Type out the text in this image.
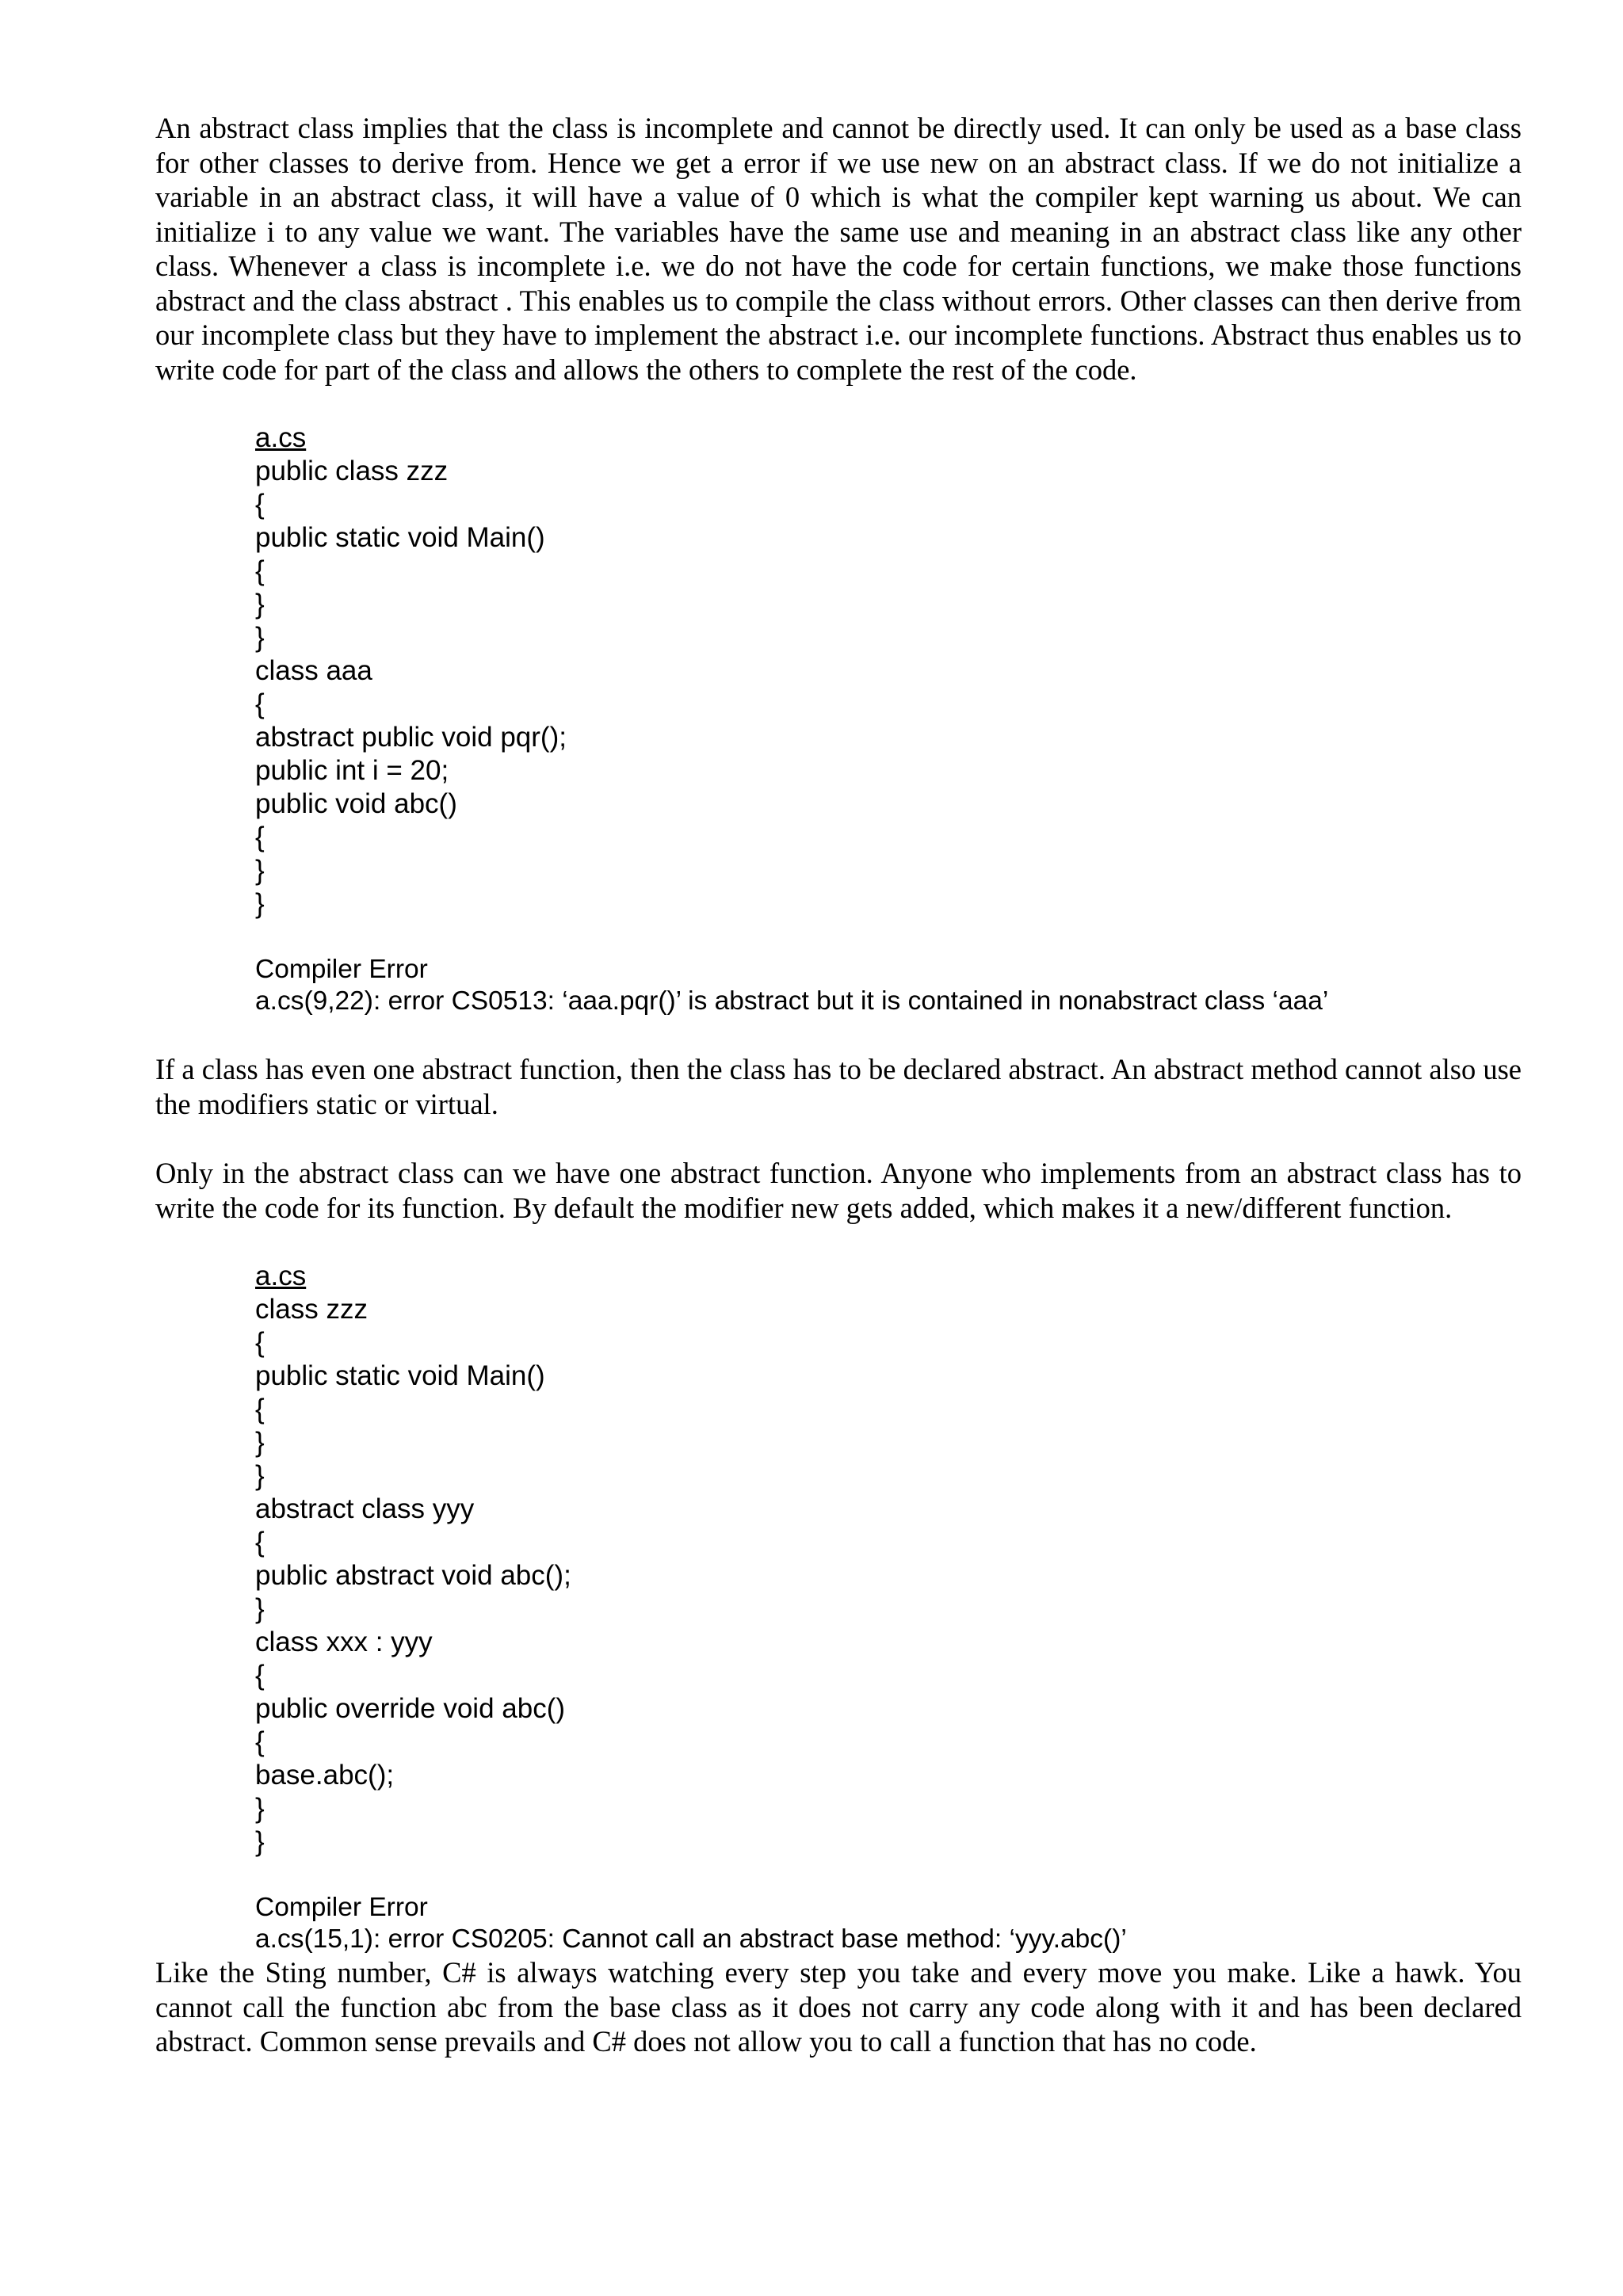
An abstract class implies that the class is incomplete and cannot be directly used. It can only be used as a base class for other classes to derive from. Hence we get a error if we use new on an abstract class. If we do not initialize a variable in an abstract class, it will have a value of 0 which is what the compiler kept warning us about. We can initialize i to any value we want. The variables have the same use and meaning in an abstract class like any other class. Whenever a class is incomplete i.e. we do not have the code for certain functions, we make those functions abstract and the class abstract . This enables us to compile the class without errors. Other classes can then derive from our incomplete class but they have to implement the abstract i.e. our incomplete functions. Abstract thus enables us to write code for part of the class and allows the others to complete the rest of the code.

a.cs
public class zzz
{
public static void Main()
{
}
}
class aaa
{
abstract public void pqr();
public int i = 20;
public void abc()
{
}
}
Compiler Error
a.cs(9,22): error CS0513: ‘aaa.pqr()’ is abstract but it is contained in nonabstract class ‘aaa’

If a class has even one abstract function, then the class has to be declared abstract. An abstract method cannot also use the modifiers static or virtual.

Only in the abstract class can we have one abstract function. Anyone who implements from an abstract class has to write the code for its function. By default the modifier new gets added, which makes it a new/different function.

a.cs
class zzz
{
public static void Main()
{
}
}
abstract class yyy
{
public abstract void abc();
}
class xxx : yyy
{
public override void abc()
{
base.abc();
}
}
Compiler Error
a.cs(15,1): error CS0205: Cannot call an abstract base method: ‘yyy.abc()’

Like the Sting number, C# is always watching every step you take and every move you make. Like a hawk. You cannot call the function abc from the base class as it does not carry any code along with it and has been declared abstract. Common sense prevails and C# does not allow you to call a function that has no code.
